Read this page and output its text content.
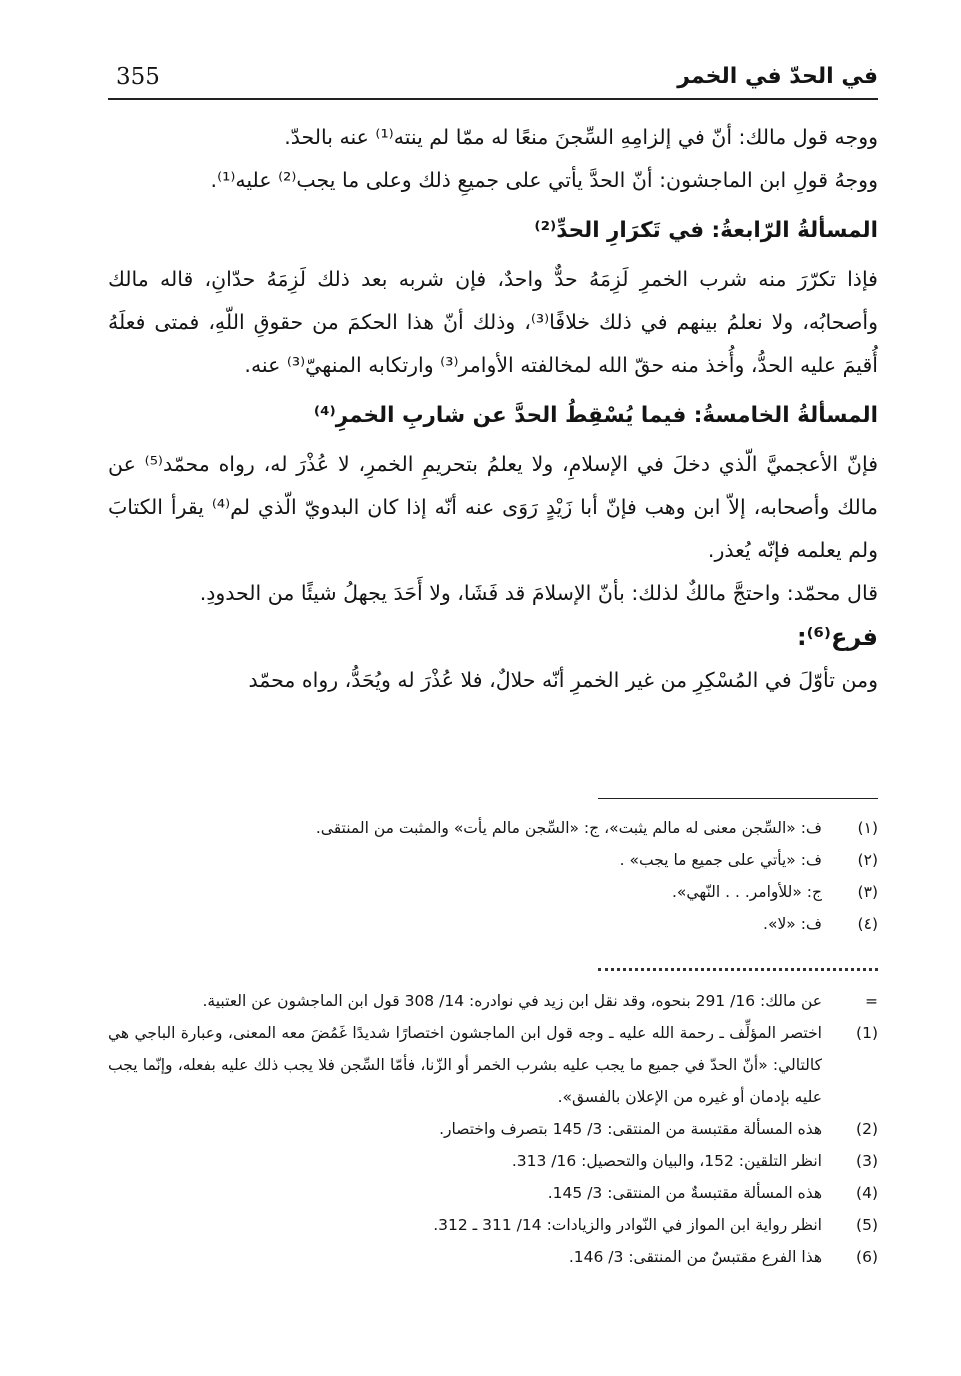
355	في الحدّ في الخمر

ووجه قول مالك: أنّ في إلزامِهِ السِّجنَ منعًا له ممّا لم ينته⁽¹⁾ عنه بالحدّ.

ووجهُ قولِ ابن الماجشون: أنّ الحدَّ يأتي على جميعِ ذلك وعلى ما يجب⁽²⁾ عليه⁽¹⁾.

المسألةُ الرّابعةُ: في تَكرَارِ الحدِّ⁽²⁾

فإذا تكرّرَ منه شرب الخمرِ لَزِمَهُ حدٌّ واحدٌ، فإن شربه بعد ذلك لَزِمَهُ حدّانِ، قاله مالك وأصحابُه، ولا نعلمُ بينهم في ذلك خلافًا⁽³⁾، وذلك أنّ هذا الحكمَ من حقوقِ اللّهِ، فمتى فعلَهُ أُقيمَ عليه الحدُّ، وأُخذ منه حقّ الله لمخالفته الأوامر⁽³⁾ وارتكابه المنهيّ⁽³⁾ عنه.

المسألةُ الخامسةُ: فيما يُسْقِطُ الحدَّ عن شاربِ الخمرِ⁽⁴⁾

فإنّ الأعجميَّ الّذي دخلَ في الإسلامِ، ولا يعلمُ بتحريمِ الخمرِ، لا عُذْرَ له، رواه محمّد⁽⁵⁾ عن مالك وأصحابه، إلاّ ابن وهب فإنّ أبا زَيْدٍ رَوَى عنه أنّه إذا كان البدويّ الّذي لم⁽⁴⁾ يقرأ الكتابَ ولم يعلمه فإنّه يُعذر.

قال محمّد: واحتجَّ مالكٌ لذلك: بأنّ الإسلامَ قد فَشَا، ولا أَحَدَ يجهلُ شيئًا من الحدودِ.

فرع⁽⁶⁾:

ومن تأوّلَ في المُسْكِرِ من غير الخمرِ أنّه حلالٌ، فلا عُذْرَ له ويُحَدُّ، رواه محمّد

(١)
ف: «السِّجن معنى له مالم يثبت»، ج: «السِّجن مالم يأت» والمثبت من المنتقى.
(٢)
ف: «يأتي على جميع ما يجب» .
(٣)
ج: «للأوامر. . . النّهي».
(٤)
ف: «لا».
=
عن مالك: 16/ 291 بنحوه، وقد نقل ابن زيد في نوادره: 14/ 308 قول ابن الماجشون عن العتبية.
(1)
اختصر المؤلِّف ـ رحمة الله عليه ـ وجه قول ابن الماجشون اختصارًا شديدًا غَمُضَ معه المعنى، وعبارة الباجي هي كالتالي: «أنّ الحدّ في جميع ما يجب عليه بشرب الخمر أو الزّنا، فأمّا السِّجن فلا يجب ذلك عليه بفعله، وإنّما يجب عليه بإدمان أو غيره من الإعلان بالفسق».
(2)
هذه المسألة مقتبسة من المنتقى: 3/ 145 بتصرف واختصار.
(3)
انظر التلقين: 152، والبيان والتحصيل: 16/ 313.
(4)
هذه المسألة مقتبسةٌ من المنتقى: 3/ 145.
(5)
انظر رواية ابن المواز في النّوادر والزيادات: 14/ 311 ـ 312.
(6)
هذا الفرع مقتبسٌ من المنتقى: 3/ 146.
